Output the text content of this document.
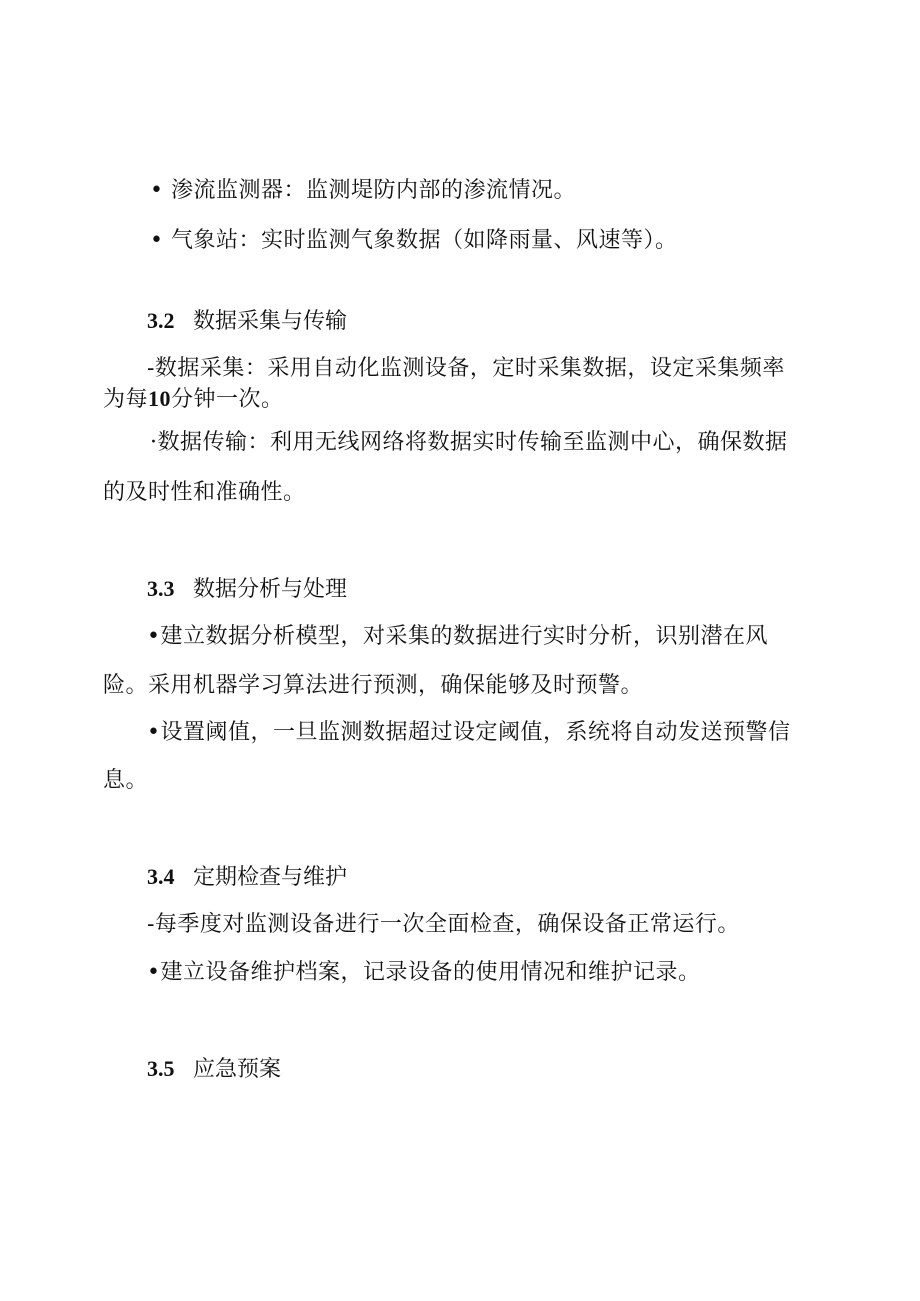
• 渗流监测器：监测堤防内部的渗流情况。
• 气象站：实时监测气象数据（如降雨量、风速等）。
3.2 数据采集与传输
-数据采集：采用自动化监测设备，定时采集数据，设定采集频率
为每10分钟一次。
·数据传输：利用无线网络将数据实时传输至监测中心，确保数据
的及时性和准确性。
3.3 数据分析与处理
•建立数据分析模型，对采集的数据进行实时分析，识别潜在风
险。采用机器学习算法进行预测，确保能够及时预警。
•设置阈值，一旦监测数据超过设定阈值，系统将自动发送预警信
息。
3.4 定期检查与维护
-每季度对监测设备进行一次全面检查，确保设备正常运行。
•建立设备维护档案，记录设备的使用情况和维护记录。
3.5 应急预案
